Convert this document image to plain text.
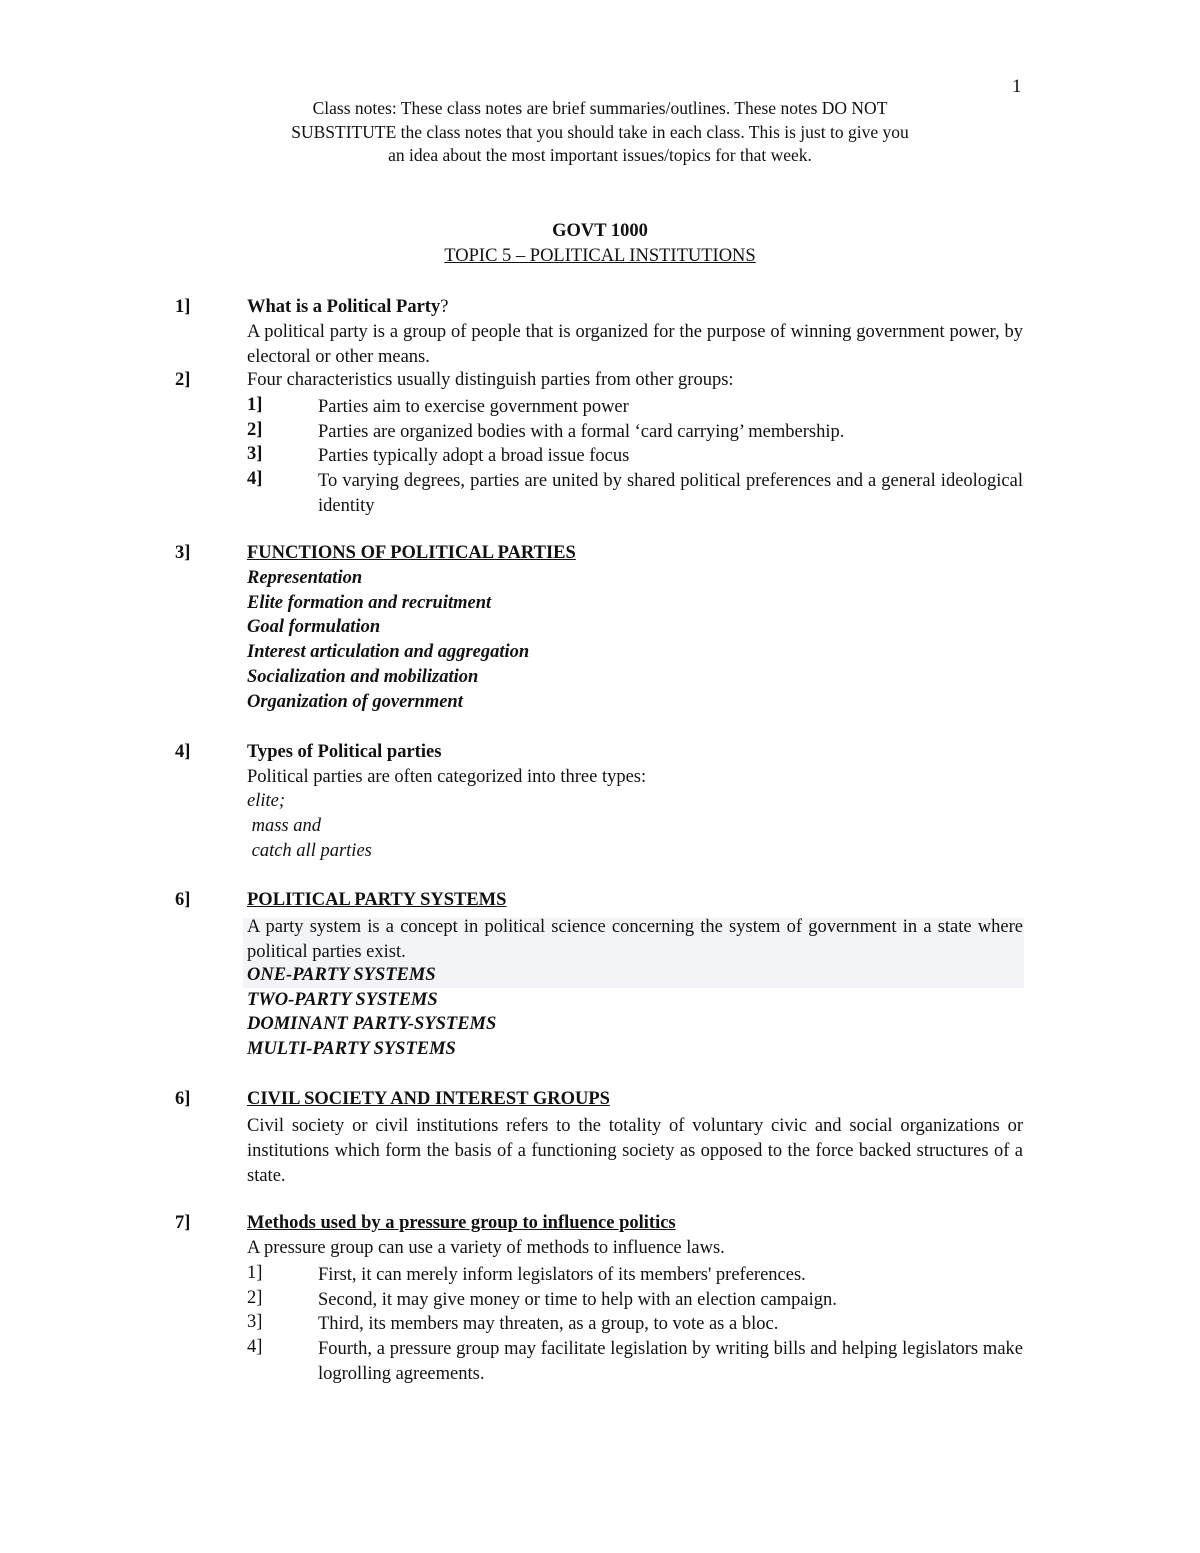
1
Class notes: These class notes are brief summaries/outlines. These notes DO NOT
SUBSTITUTE the class notes that you should take in each class. This is just to give you
an idea about the most important issues/topics for that week.
GOVT 1000
TOPIC 5 – POLITICAL INSTITUTIONS
1]	What is a Political Party?
A political party is a group of people that is organized for the purpose of winning government power, by electoral or other means.
2]	Four characteristics usually distinguish parties from other groups:
1]	Parties aim to exercise government power
2]	Parties are organized bodies with a formal ‘card carrying’ membership.
3]	Parties typically adopt a broad issue focus
4]	To varying degrees, parties are united by shared political preferences and a general ideological identity
3]	FUNCTIONS OF POLITICAL PARTIES
Representation
Elite formation and recruitment
Goal formulation
Interest articulation and aggregation
Socialization and mobilization
Organization of government
4]	Types of Political parties
Political parties are often categorized into three types:
elite;
mass and
catch all parties
6]	POLITICAL PARTY SYSTEMS
A party system is a concept in political science concerning the system of government in a state where political parties exist.
ONE-PARTY SYSTEMS
TWO-PARTY SYSTEMS
DOMINANT PARTY-SYSTEMS
MULTI-PARTY SYSTEMS
6]	CIVIL SOCIETY AND INTEREST GROUPS
Civil society or civil institutions refers to the totality of voluntary civic and social organizations or institutions which form the basis of a functioning society as opposed to the force backed structures of a state.
7]	Methods used by a pressure group to influence politics
A pressure group can use a variety of methods to influence laws.
1]	First, it can merely inform legislators of its members' preferences.
2]	Second, it may give money or time to help with an election campaign.
3]	Third, its members may threaten, as a group, to vote as a bloc.
4]	Fourth, a pressure group may facilitate legislation by writing bills and helping legislators make logrolling agreements.
